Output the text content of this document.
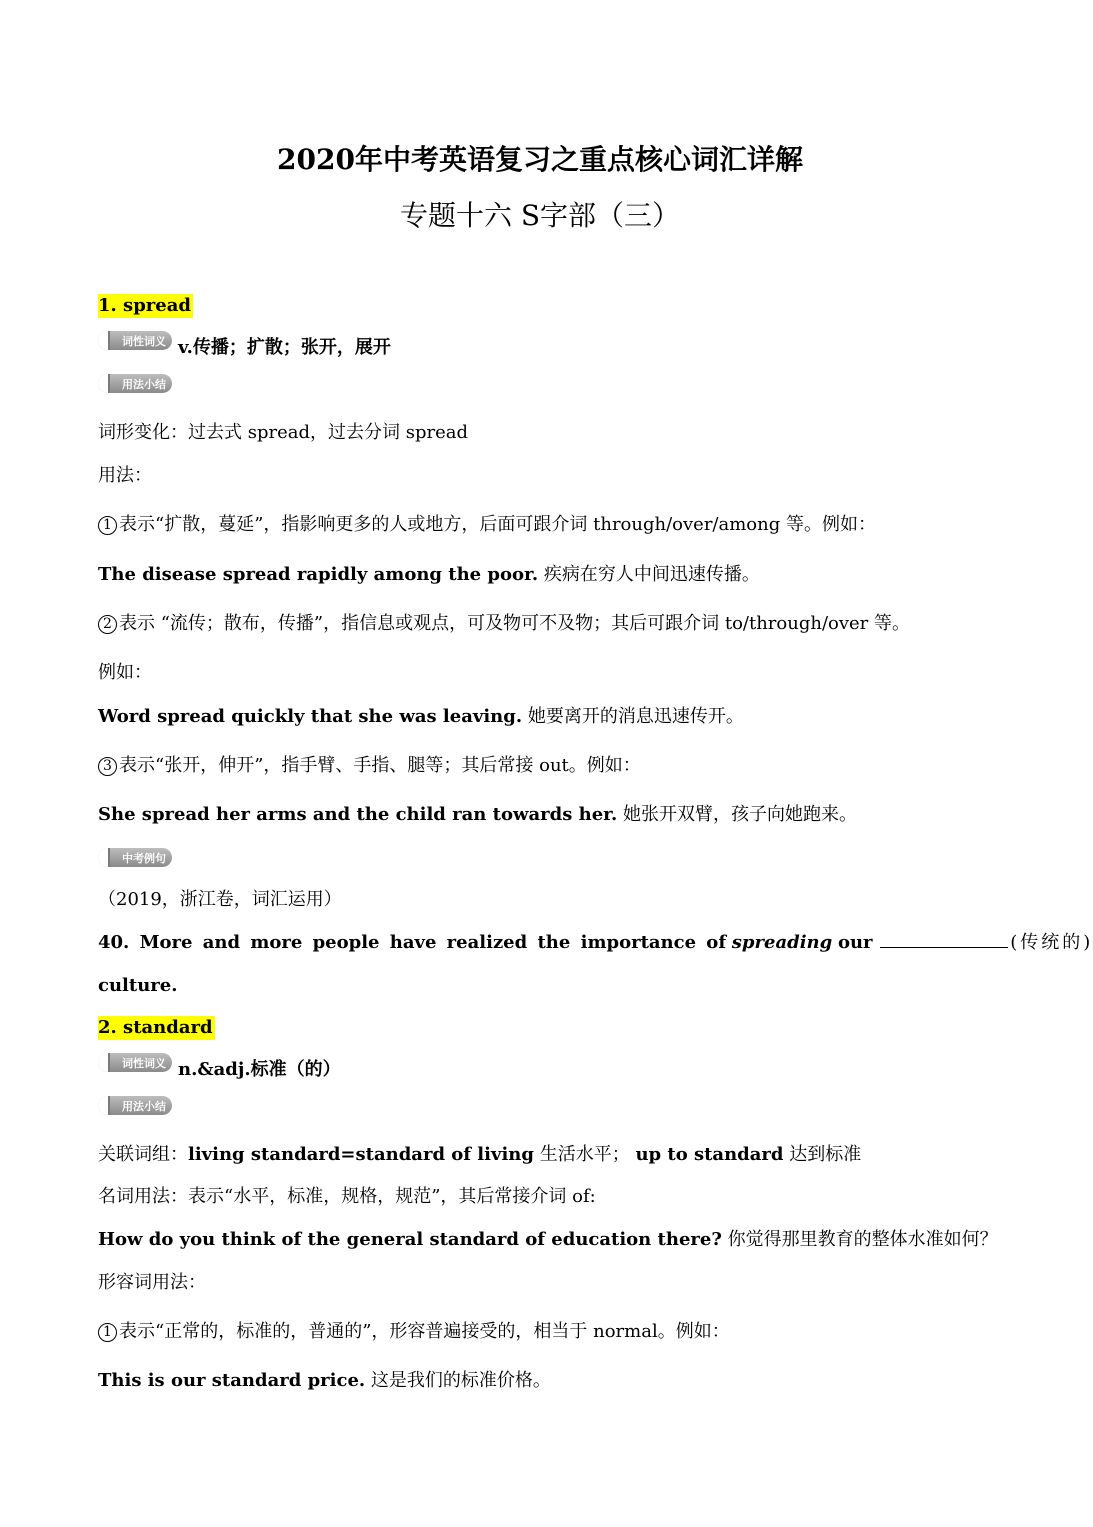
2020年中考英语复习之重点核心词汇详解
专题十六 S字部（三）
1. spread
词性词义 v.传播；扩散；张开，展开
用法小结
词形变化：过去式 spread，过去分词 spread
用法：
1 表示“扩散，蔓延”，指影响更多的人或地方，后面可跟介词 through/over/among 等。例如：
The disease spread rapidly among the poor. 疾病在穷人中间迅速传播。
2 表示 “流传；散布，传播”，指信息或观点，可及物可不及物；其后可跟介词 to/through/over 等。
例如：
Word spread quickly that she was leaving. 她要离开的消息迅速传开。
3 表示“张开，伸开”，指手臂、手指、腿等；其后常接 out。例如：
She spread her arms and the child ran towards her. 她张开双臂，孩子向她跑来。
中考例句
（2019，浙江卷，词汇运用）
40. More and more people have realized the importance of spreading our	(传统的)
culture.
2. standard
词性词义 n.&adj.标准（的）
用法小结
关联词组：living standard=standard of living 生活水平； up to standard 达到标准
名词用法：表示“水平，标准，规格，规范”，其后常接介词 of:
How do you think of the general standard of education there? 你觉得那里教育的整体水准如何？
形容词用法：
1 表示“正常的，标准的，普通的”，形容普遍接受的，相当于 normal。例如：
This is our standard price. 这是我们的标准价格。
